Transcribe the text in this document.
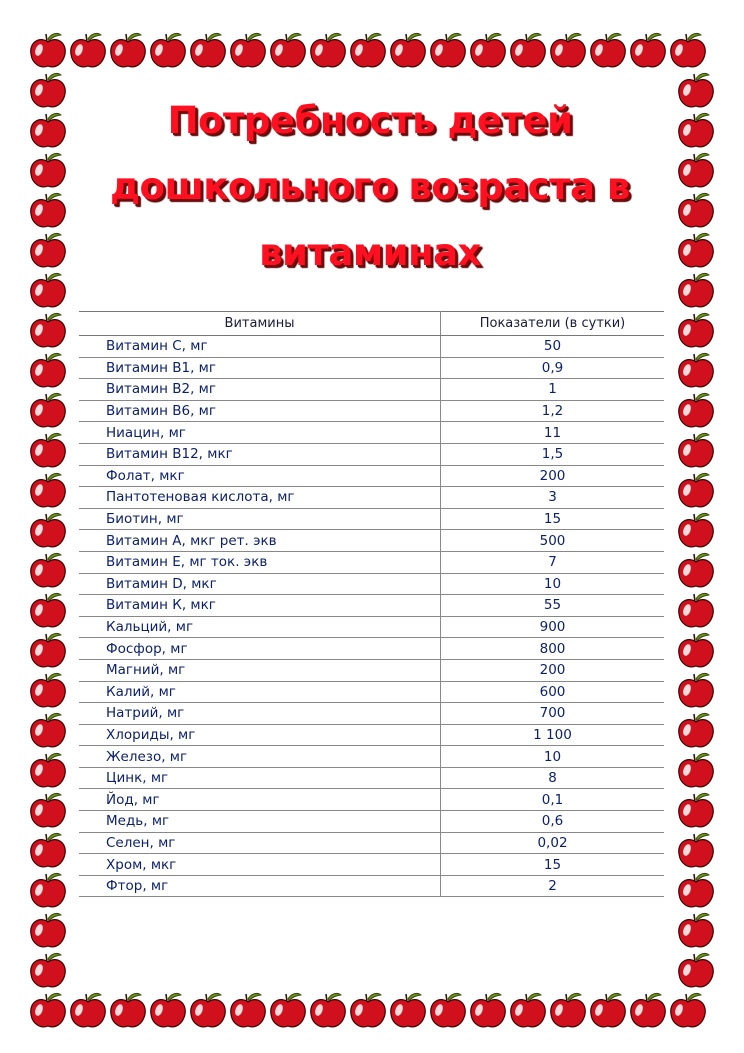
Потребность детей
дошкольного возраста в
витаминах
Витамины	Показатели (в сутки)
Витамин С, мг	50
Витамин В1, мг	0,9
Витамин В2, мг	1
Витамин В6, мг	1,2
Ниацин, мг	11
Витамин В12, мкг	1,5
Фолат, мкг	200
Пантотеновая кислота, мг	3
Биотин, мг	15
Витамин А, мкг рет. экв	500
Витамин Е, мг ток. экв	7
Витамин D, мкг	10
Витамин К, мкг	55
Кальций, мг	900
Фосфор, мг	800
Магний, мг	200
Калий, мг	600
Натрий, мг	700
Хлориды, мг	1 100
Железо, мг	10
Цинк, мг	8
Йод, мг	0,1
Медь, мг	0,6
Селен, мг	0,02
Хром, мкг	15
Фтор, мг	2
